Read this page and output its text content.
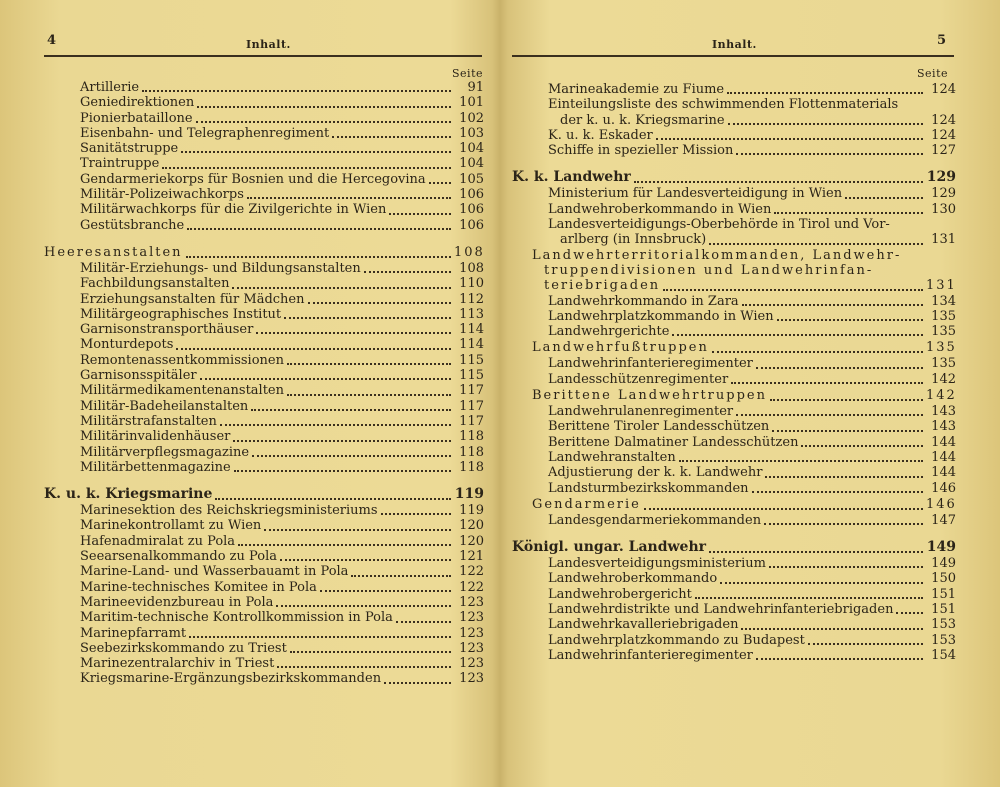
4	Inhalt.
Seite
Artillerie	91
Geniedirektionen	101
Pionierbataillone	102
Eisenbahn- und Telegraphenregiment	103
Sanitätstruppe	104
Traintruppe	104
Gendarmeriekorps für Bosnien und die Hercegovina	105
Militär-Polizeiwachkorps	106
Militärwachkorps für die Zivilgerichte in Wien	106
Gestütsbranche	106
Heeresanstalten	108
Militär-Erziehungs- und Bildungsanstalten	108
Fachbildungsanstalten	110
Erziehungsanstalten für Mädchen	112
Militärgeographisches Institut	113
Garnisonstransporthäuser	114
Monturdepots	114
Remontenassentkommissionen	115
Garnisonsspitäler	115
Militärmedikamentenanstalten	117
Militär-Badeheilanstalten	117
Militärstrafanstalten	117
Militärinvalidenhäuser	118
Militärverpflegsmagazine	118
Militärbettenmagazine	118
K. u. k. Kriegsmarine	119
Marinesektion des Reichskriegsministeriums	119
Marinekontrollamt zu Wien	120
Hafenadmiralat zu Pola	120
Seearsenalkommando zu Pola	121
Marine-Land- und Wasserbauamt in Pola	122
Marine-technisches Komitee in Pola	122
Marineevidenzbureau in Pola	123
Maritim-technische Kontrollkommission in Pola	123
Marinepfarramt	123
Seebezirkskommando zu Triest	123
Marinezentralarchiv in Triest	123
Kriegsmarine-Ergänzungsbezirkskommanden	123
Inhalt.	5
Seite
Marineakademie zu Fiume	124
Einteilungsliste des schwimmenden Flottenmaterials
der k. u. k. Kriegsmarine	124
K. u. k. Eskader	124
Schiffe in spezieller Mission	127
K. k. Landwehr	129
Ministerium für Landesverteidigung in Wien	129
Landwehroberkommando in Wien	130
Landesverteidigungs-Oberbehörde in Tirol und Vor-
arlberg (in Innsbruck)	131
Landwehrterritorialkommanden, Landwehr-
truppendivisionen und Landwehrinfan-
teriebrigaden	131
Landwehrkommando in Zara	134
Landwehrplatzkommando in Wien	135
Landwehrgerichte	135
Landwehrfußtruppen	135
Landwehrinfanterieregimenter	135
Landesschützenregimenter	142
Berittene Landwehrtruppen	142
Landwehrulanenregimenter	143
Berittene Tiroler Landesschützen	143
Berittene Dalmatiner Landesschützen	144
Landwehranstalten	144
Adjustierung der k. k. Landwehr	144
Landsturmbezirkskommanden	146
Gendarmerie	146
Landesgendarmeriekommanden	147
Königl. ungar. Landwehr	149
Landesverteidigungsministerium	149
Landwehroberkommando	150
Landwehrobergericht	151
Landwehrdistrikte und Landwehrinfanteriebrigaden	151
Landwehrkavalleriebrigaden	153
Landwehrplatzkommando zu Budapest	153
Landwehrinfanterieregimenter	154
